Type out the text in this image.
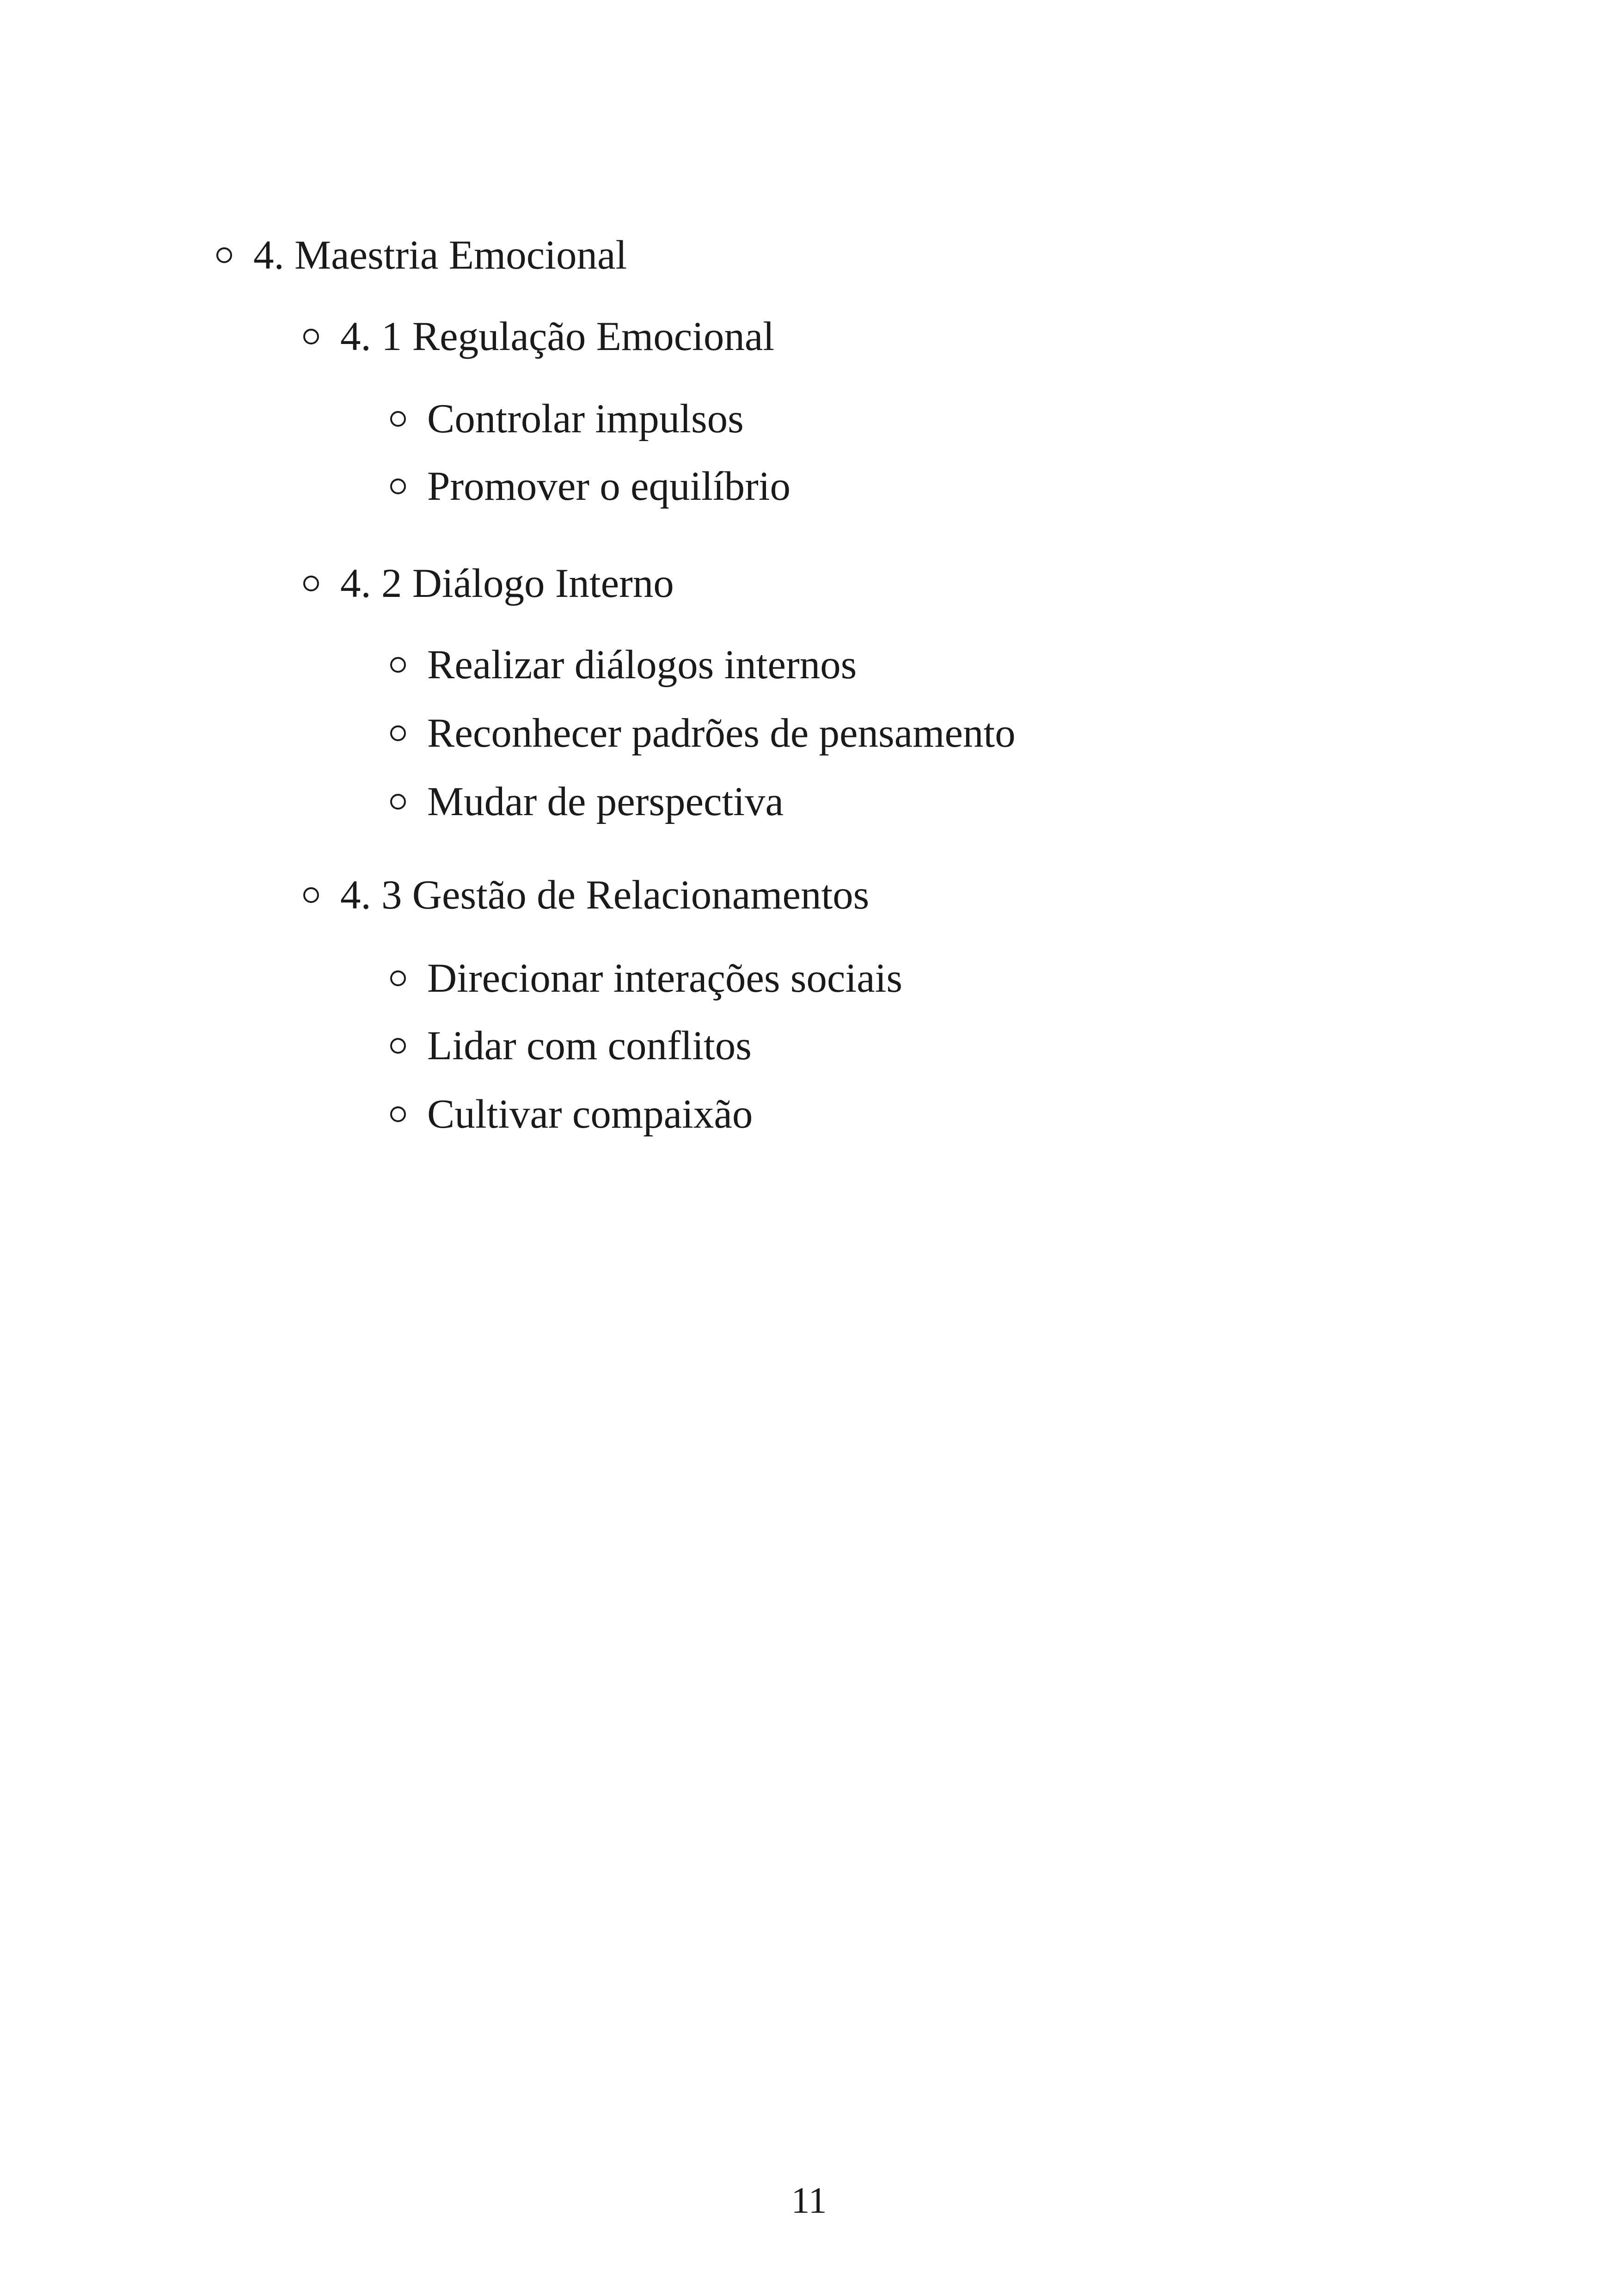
4. Maestria Emocional
4. 1 Regulação Emocional
Controlar impulsos
Promover o equilíbrio
4. 2 Diálogo Interno
Realizar diálogos internos
Reconhecer padrões de pensamento
Mudar de perspectiva
4. 3 Gestão de Relacionamentos
Direcionar interações sociais
Lidar com conflitos
Cultivar compaixão
11
